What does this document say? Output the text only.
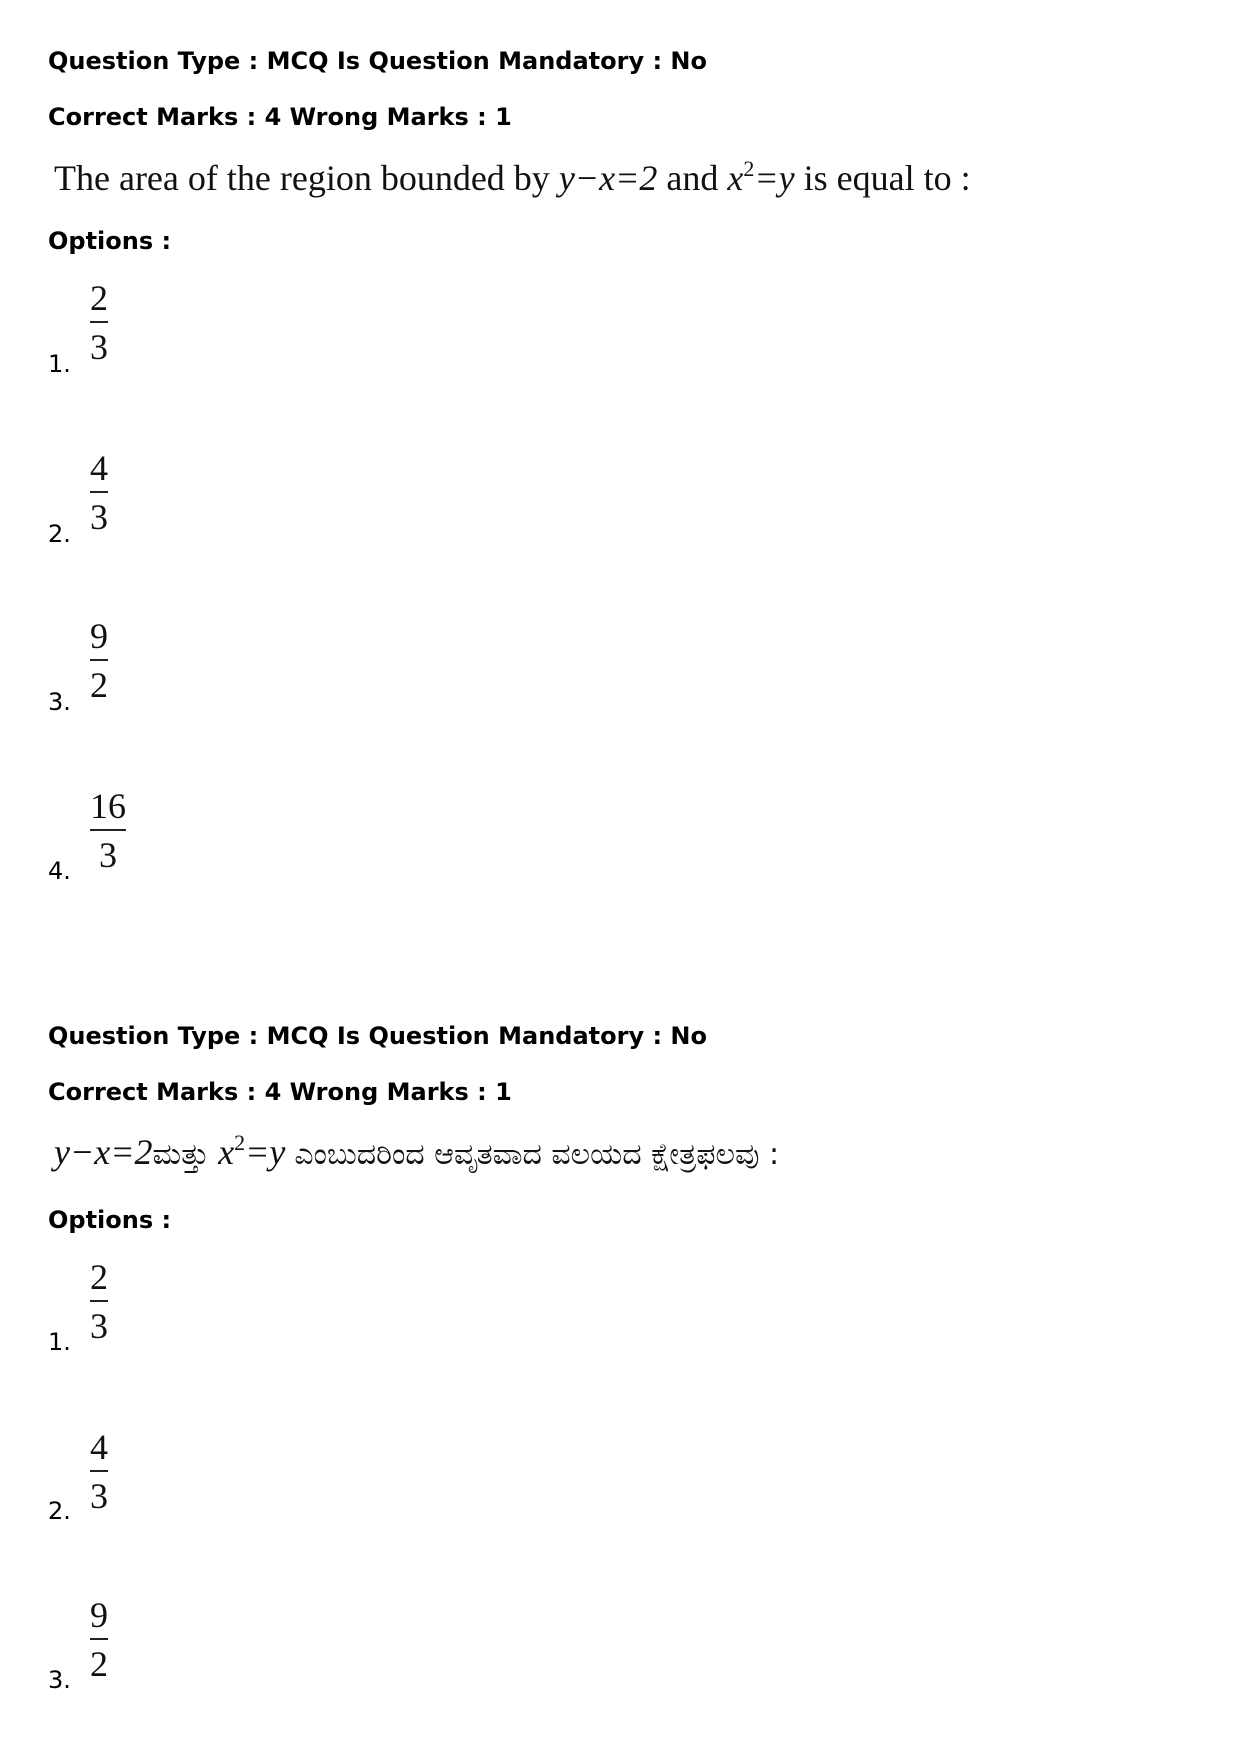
Question Type : MCQ Is Question Mandatory : No
Correct Marks : 4 Wrong Marks : 1
The area of the region bounded by y−x=2 and $x^2=y$ is equal to :
Options :
1.
2
3
2.
4
3
3.
9
2
4.
16
3
Question Type : MCQ Is Question Mandatory : No
Correct Marks : 4 Wrong Marks : 1
y−x=2ಮತ್ತು $x^2=y$ ಎಂಬುದರಿಂದ ಆವೃತವಾದ ವಲಯದ ಕ್ಷೇತ್ರಫಲವು :
Options :
1.
2
3
2.
4
3
3.
9
2
